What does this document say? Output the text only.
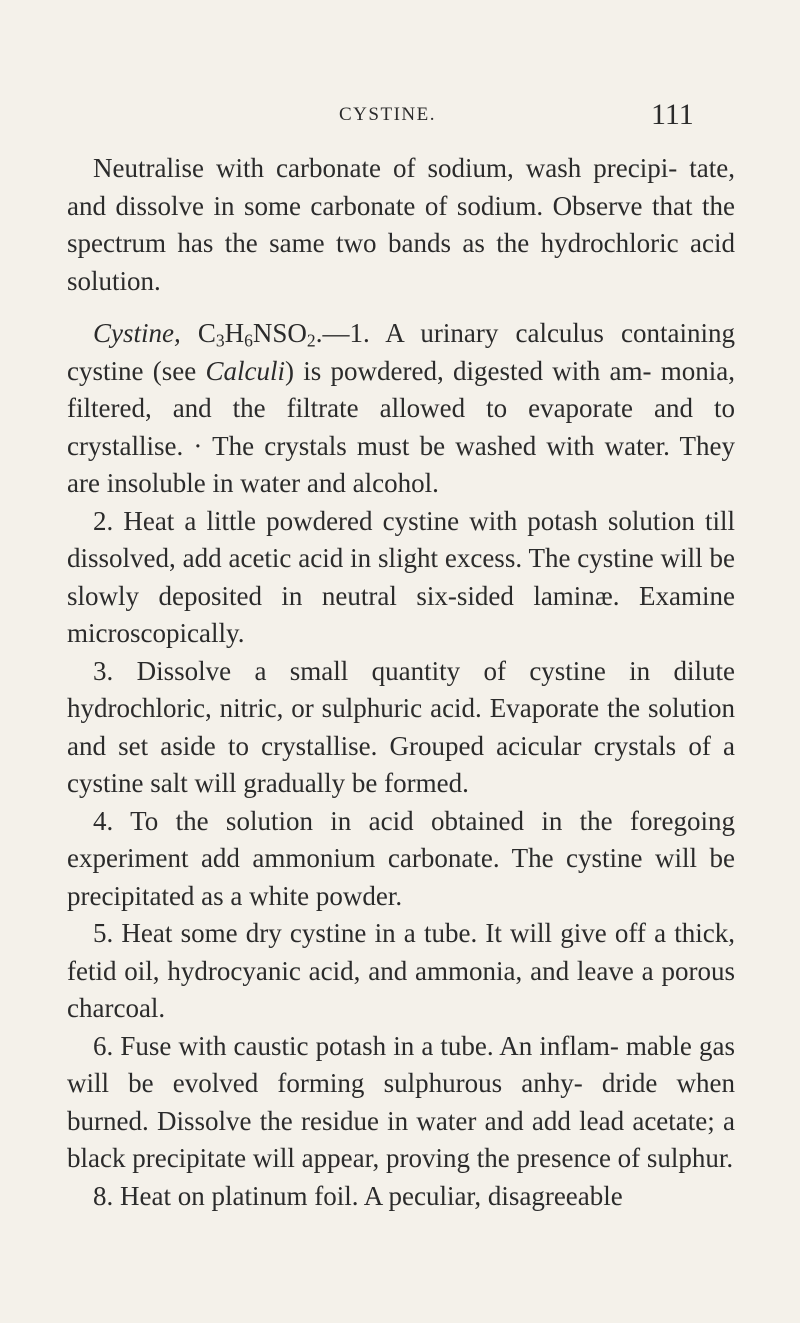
CYSTINE.	111

Neutralise with carbonate of sodium, wash precipi- tate, and dissolve in some carbonate of sodium. Observe that the spectrum has the same two bands as the hydrochloric acid solution.

Cystine, $C_3H_6NSO_2.—1$. A urinary calculus containing cystine (see Calculi) is powdered, digested with am- monia, filtered, and the filtrate allowed to evaporate and to crystallise. · The crystals must be washed with water. They are insoluble in water and alcohol.

2. Heat a little powdered cystine with potash solution till dissolved, add acetic acid in slight excess. The cystine will be slowly deposited in neutral six-sided laminæ. Examine microscopically.

3. Dissolve a small quantity of cystine in dilute hydrochloric, nitric, or sulphuric acid. Evaporate the solution and set aside to crystallise. Grouped acicular crystals of a cystine salt will gradually be formed.

4. To the solution in acid obtained in the foregoing experiment add ammonium carbonate. The cystine will be precipitated as a white powder.

5. Heat some dry cystine in a tube. It will give off a thick, fetid oil, hydrocyanic acid, and ammonia, and leave a porous charcoal.

6. Fuse with caustic potash in a tube. An inflam- mable gas will be evolved forming sulphurous anhy- dride when burned. Dissolve the residue in water and add lead acetate; a black precipitate will appear, proving the presence of sulphur.

8. Heat on platinum foil. A peculiar, disagreeable
